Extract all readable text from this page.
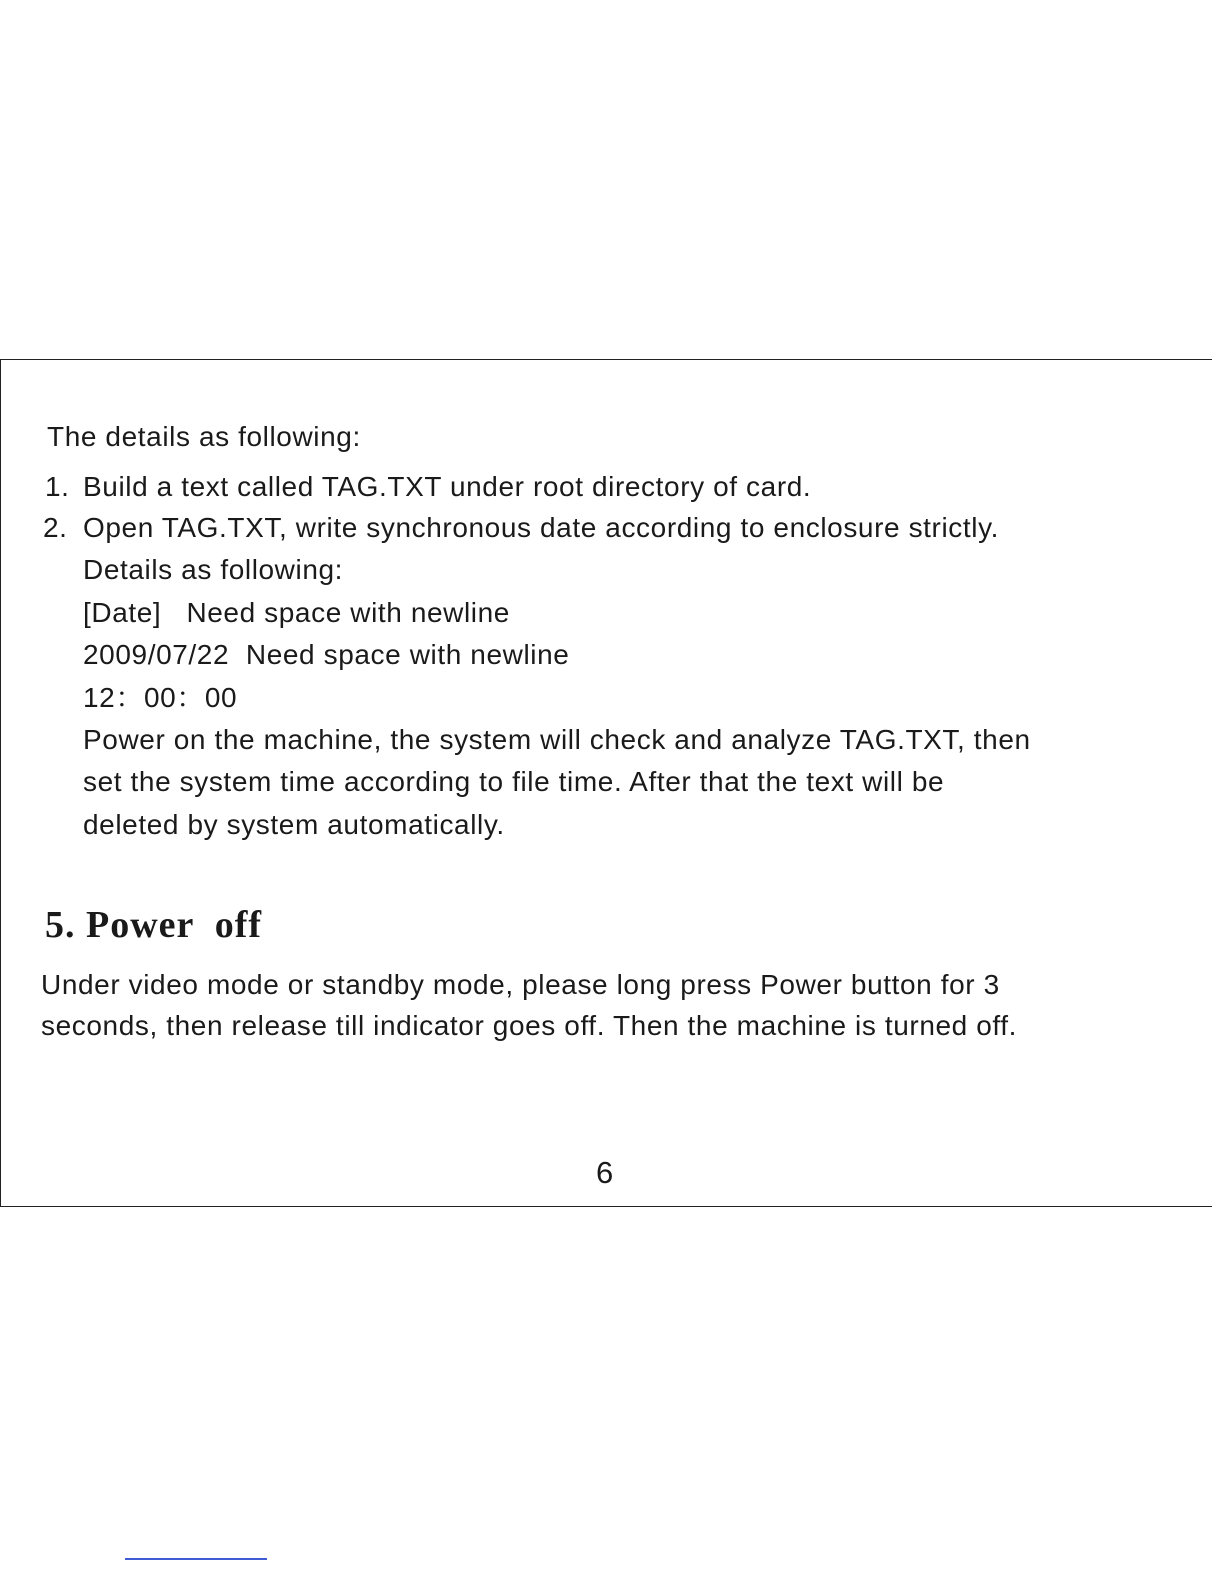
The details as following:
1. Build a text called TAG.TXT under root directory of card.
2. Open TAG.TXT, write synchronous date according to enclosure strictly.
Details as following:
[Date]   Need space with newline
2009/07/22  Need space with newline
12：00：00
Power on the machine, the system will check and analyze TAG.TXT, then
set the system time according to file time. After that the text will be
deleted by system automatically.
5. Power  off
Under video mode or standby mode, please long press Power button for 3
seconds, then release till indicator goes off. Then the machine is turned off.
6
